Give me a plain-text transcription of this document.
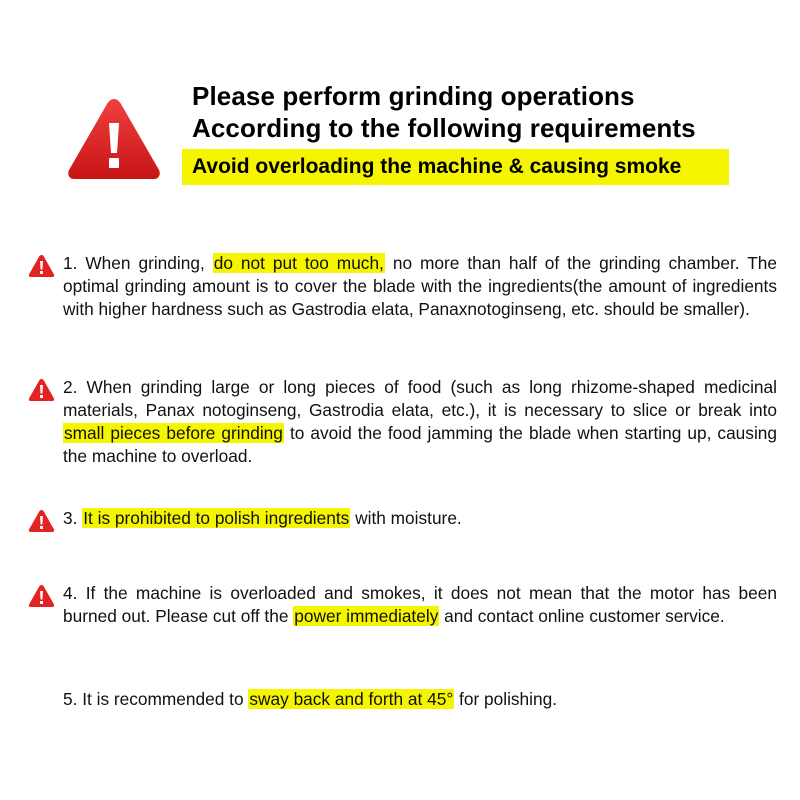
Please perform grinding operations
According to the following requirements
Avoid overloading the machine & causing smoke
1. When grinding, do not put too much, no more than half of the grinding chamber. The optimal grinding amount is to cover the blade with the ingredients(the amount of ingredients with higher hardness such as Gastrodia elata, Panaxnotoginseng, etc. should be smaller).
2. When grinding large or long pieces of food (such as long rhizome-shaped medicinal materials, Panax notoginseng, Gastrodia elata, etc.), it is necessary to slice or break into small pieces before grinding to avoid the food jamming the blade when starting up, causing the machine to overload.
3. It is prohibited to polish ingredients with moisture.
4. If the machine is overloaded and smokes, it does not mean that the motor has been burned out. Please cut off the power immediately and contact online customer service.
5. It is recommended to sway back and forth at 45° for polishing.
